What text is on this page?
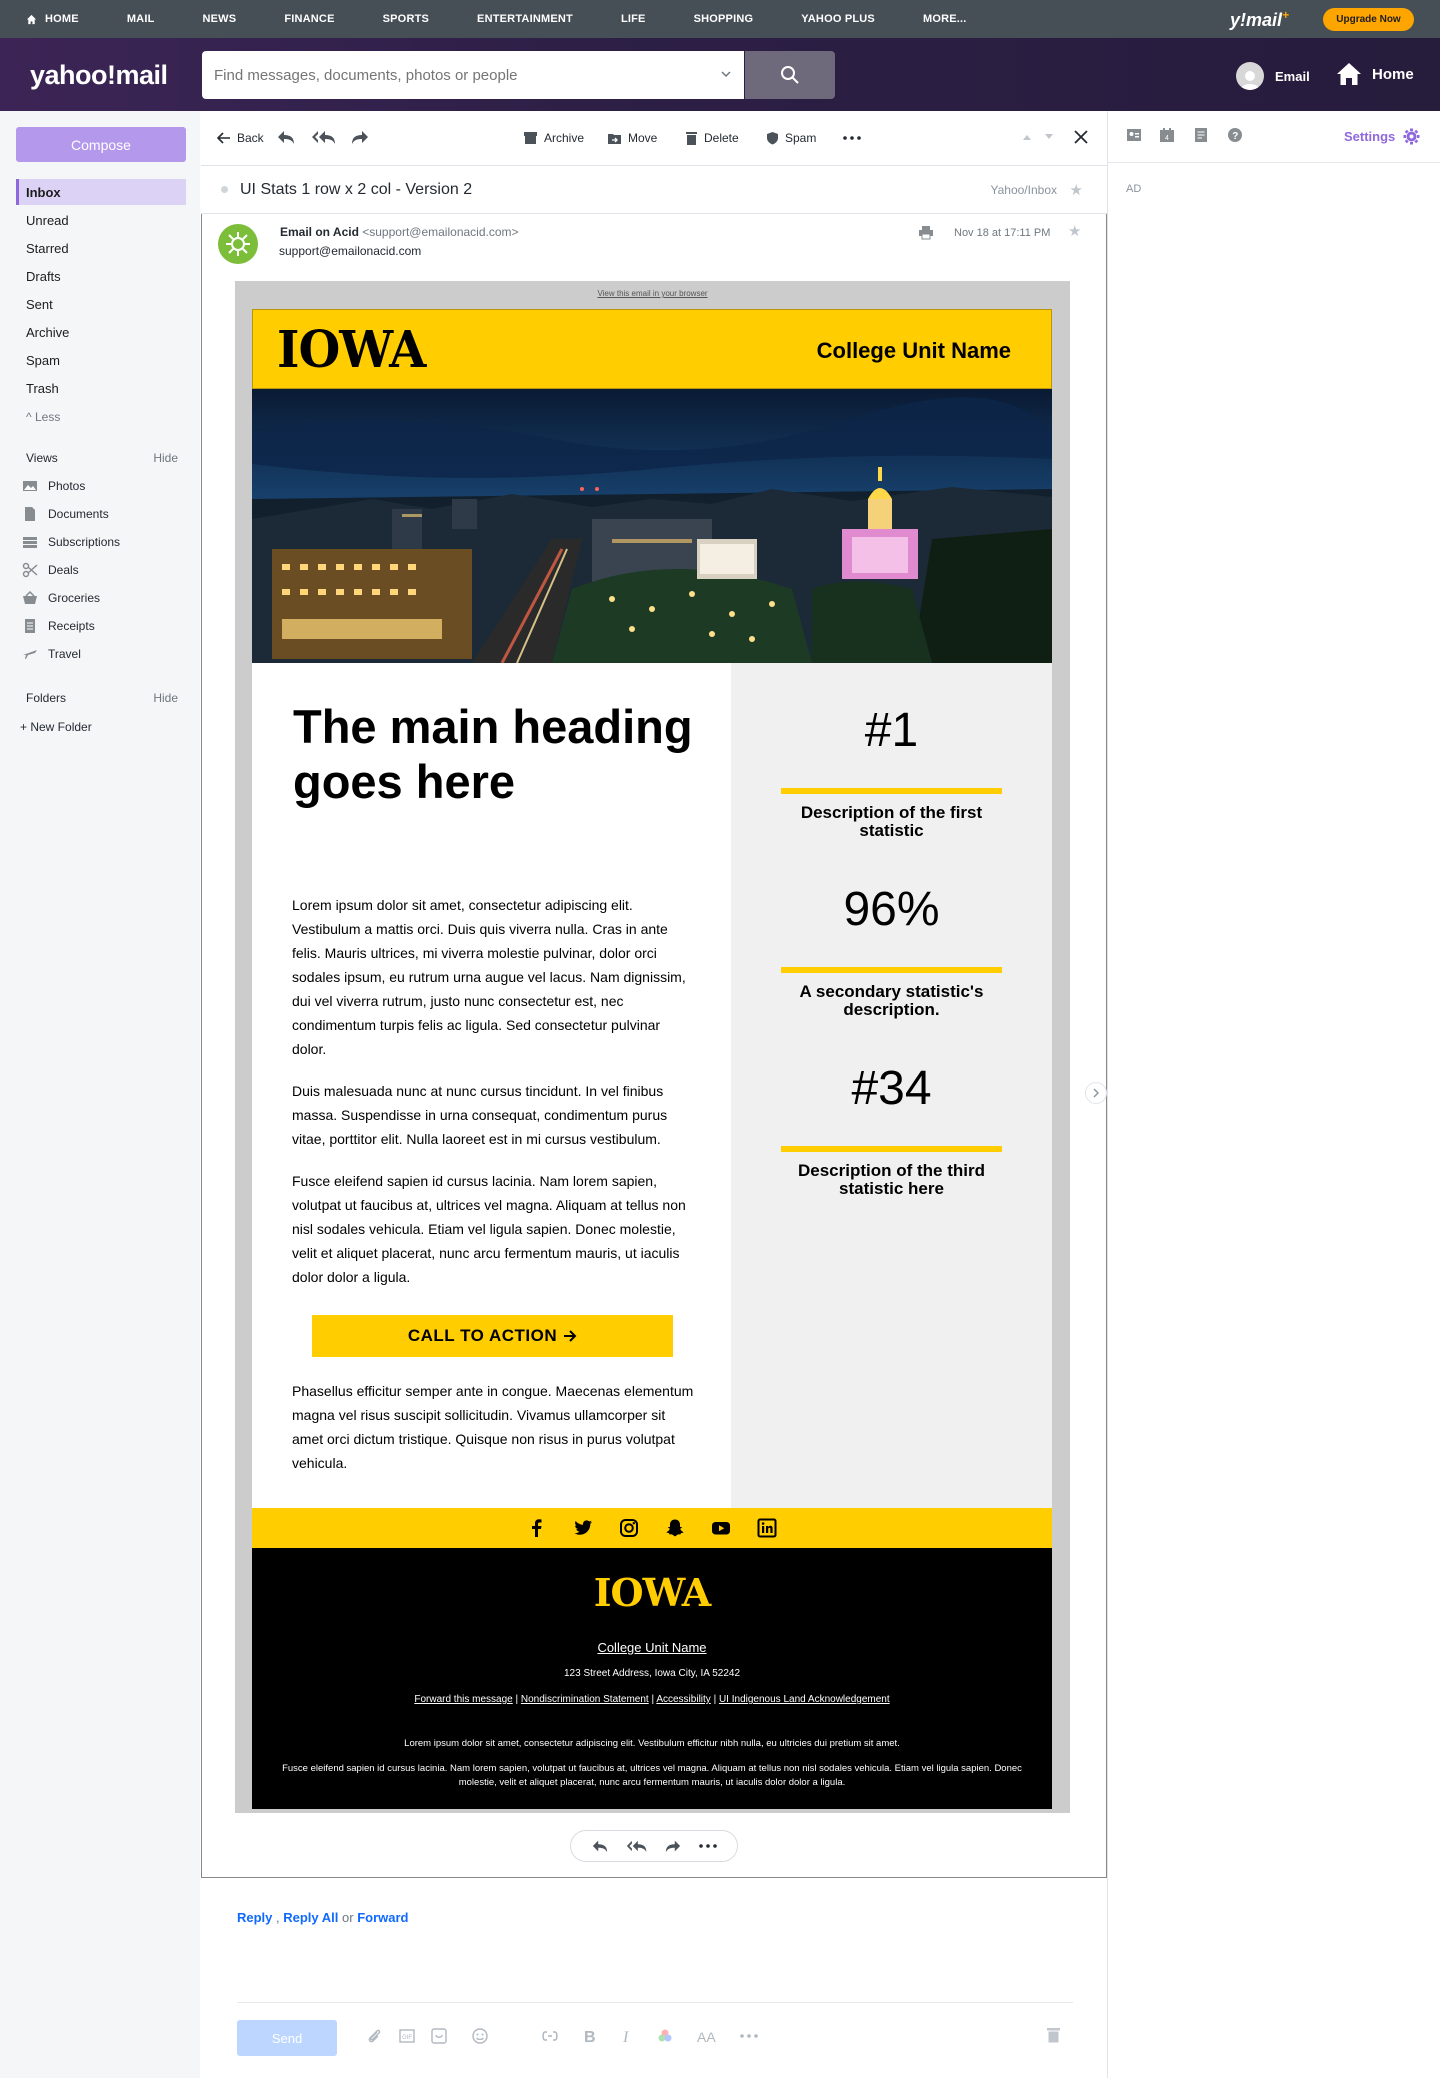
HOME	MAIL	NEWS	FINANCE	SPORTS	ENTERTAINMENT	LIFE	SHOPPING	YAHOO PLUS	MORE...	y!mail+	Upgrade Now
yahoo!mail
Find messages, documents, photos or people	Email	Home
Compose
Inbox
Unread
Starred
Drafts
Sent
Archive
Spam
Trash
^ Less
Views	Hide
Photos
Documents
Subscriptions
Deals
Groceries
Receipts
Travel
Folders	Hide
+ New Folder
Back	Archive	Move	Delete	Spam
UI Stats 1 row x 2 col - Version 2	Yahoo/Inbox ★
Email on Acid <support@emailonacid.com>
support@emailonacid.com
Nov 18 at 17:11 PM ★
View this email in your browser
IOWA	College Unit Name
The main heading goes here
Lorem ipsum dolor sit amet, consectetur adipiscing elit. Vestibulum a mattis orci. Duis quis viverra nulla. Cras in ante felis. Mauris ultrices, mi viverra molestie pulvinar, dolor orci sodales ipsum, eu rutrum urna augue vel lacus. Nam dignissim, dui vel viverra rutrum, justo nunc consectetur est, nec condimentum turpis felis ac ligula. Sed consectetur pulvinar dolor.
Duis malesuada nunc at nunc cursus tincidunt. In vel finibus massa. Suspendisse in urna consequat, condimentum purus vitae, porttitor elit. Nulla laoreet est in mi cursus vestibulum.
Fusce eleifend sapien id cursus lacinia. Nam lorem sapien, volutpat ut faucibus at, ultrices vel magna. Aliquam at tellus non nisl sodales vehicula. Etiam vel ligula sapien. Donec molestie, velit et aliquet placerat, nunc arcu fermentum mauris, ut iaculis dolor dolor a ligula.
CALL TO ACTION
Phasellus efficitur semper ante in congue. Maecenas elementum magna vel risus suscipit sollicitudin. Vivamus ullamcorper sit amet orci dictum tristique. Quisque non risus in purus volutpat vehicula.
#1
Description of the first statistic
96%
A secondary statistic's description.
#34
Description of the third statistic here
IOWA
College Unit Name
123 Street Address, Iowa City, IA 52242
Forward this message | Nondiscrimination Statement | Accessibility | UI Indigenous Land Acknowledgement
Lorem ipsum dolor sit amet, consectetur adipiscing elit. Vestibulum efficitur nibh nulla, eu ultricies dui pretium sit amet.
Fusce eleifend sapien id cursus lacinia. Nam lorem sapien, volutpat ut faucibus at, ultrices vel magna. Aliquam at tellus non nisl sodales vehicula. Etiam vel ligula sapien. Donec molestie, velit et aliquet placerat, nunc arcu fermentum mauris, ut iaculis dolor dolor a ligula.
Reply , Reply All or Forward
Send	GIF	B I	AA
4	?	Settings
AD
